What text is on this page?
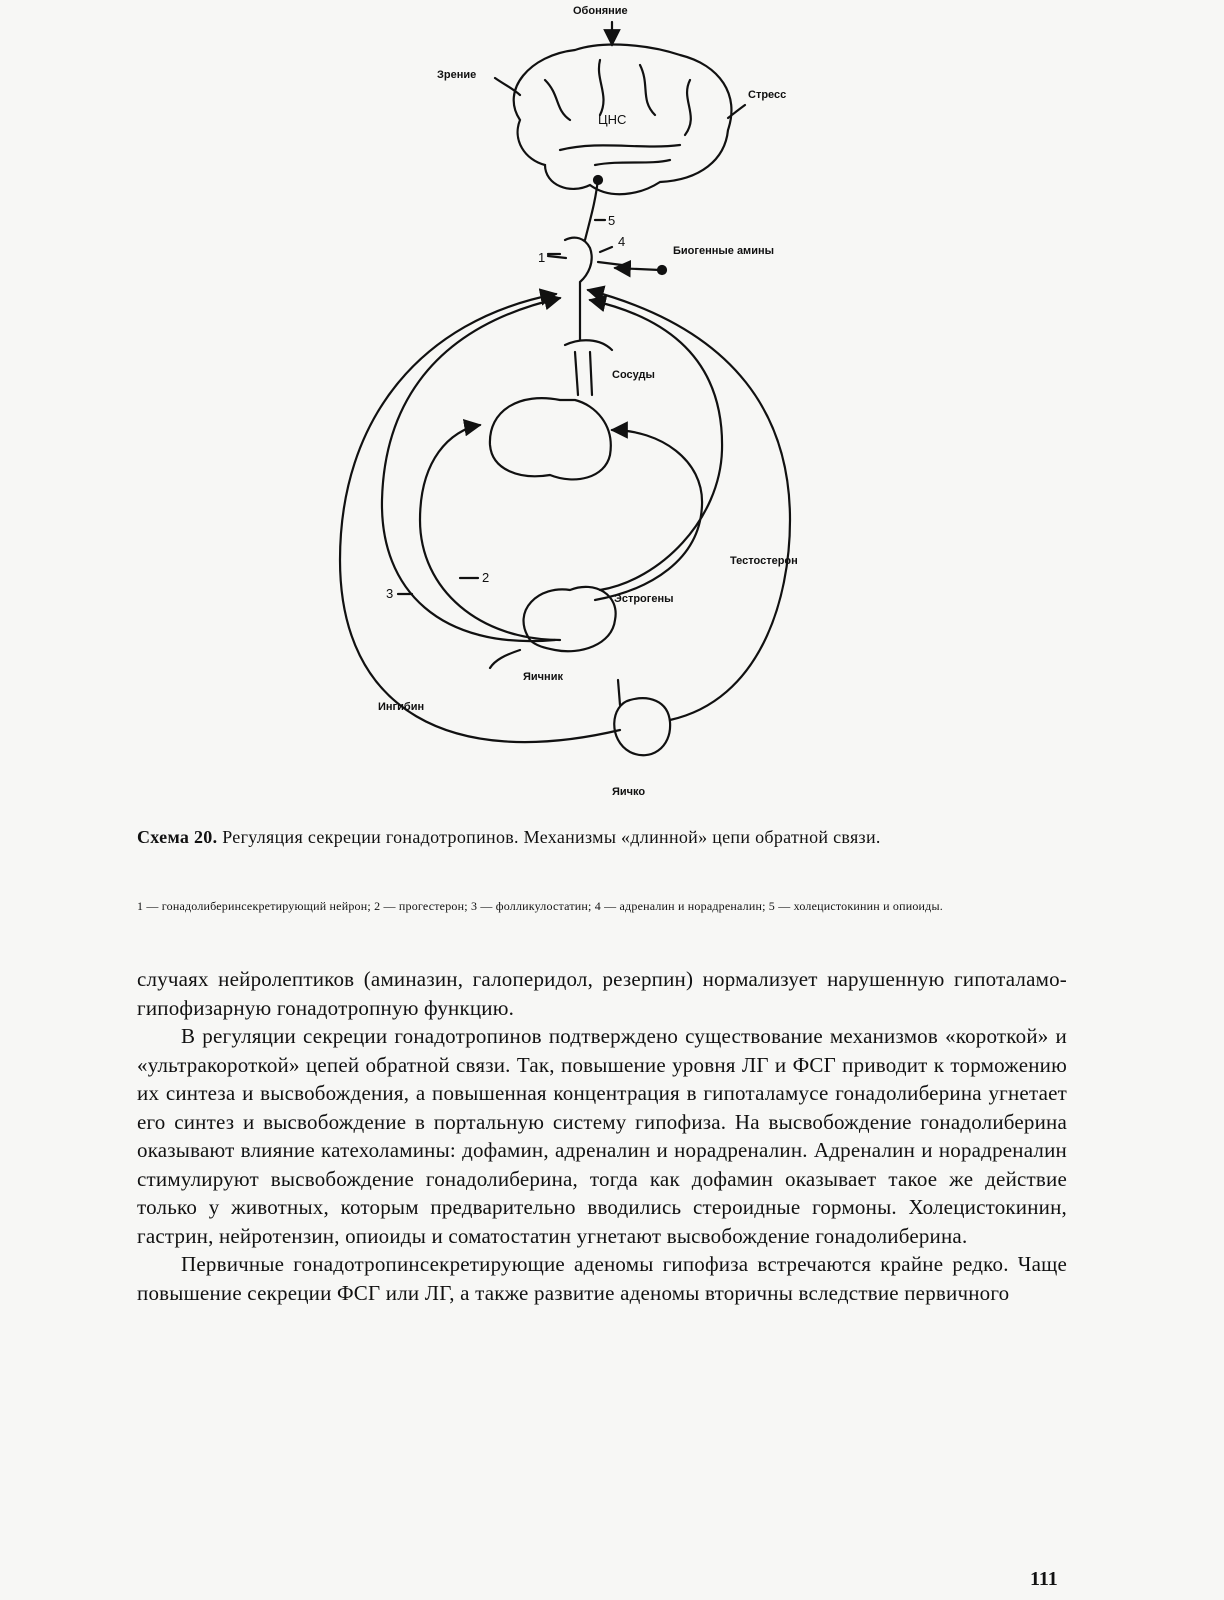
Обоняние
Зрение
Стресс
ЦНС
Биогенные амины
Сосуды
Тестостерон
Эстрогены
Яичник
Ингибин
Яичко
1
2
3
4
5
Схема 20. Регуляция секреции гонадотропинов. Механизмы «длинной» цепи обратной связи.
1 — гонадолиберинсекретирующий нейрон; 2 — прогестерон; 3 — фолликулостатин; 4 — адреналин и норадреналин; 5 — холецистокинин и опиоиды.

случаях нейролептиков (аминазин, галоперидол, резерпин) нормализует нарушенную гипоталамо-гипофизарную гонадотропную функцию.

В регуляции секреции гонадотропинов подтверждено существование механизмов «короткой» и «ультракороткой» цепей обратной связи. Так, повышение уровня ЛГ и ФСГ приводит к торможению их синтеза и высвобождения, а повышенная концентрация в гипоталамусе гонадолиберина угнетает его синтез и высвобождение в портальную систему гипофиза. На высвобождение гонадолиберина оказывают влияние катехоламины: дофамин, адреналин и норадреналин. Адреналин и норадреналин стимулируют высвобождение гонадолиберина, тогда как дофамин оказывает такое же действие только у животных, которым предварительно вводились стероидные гормоны. Холецистокинин, гастрин, нейротензин, опиоиды и соматостатин угнетают высвобождение гонадолиберина.

Первичные гонадотропинсекретирующие аденомы гипофиза встречаются крайне редко. Чаще повышение секреции ФСГ или ЛГ, а также развитие аденомы вторичны вследствие первичного

111
